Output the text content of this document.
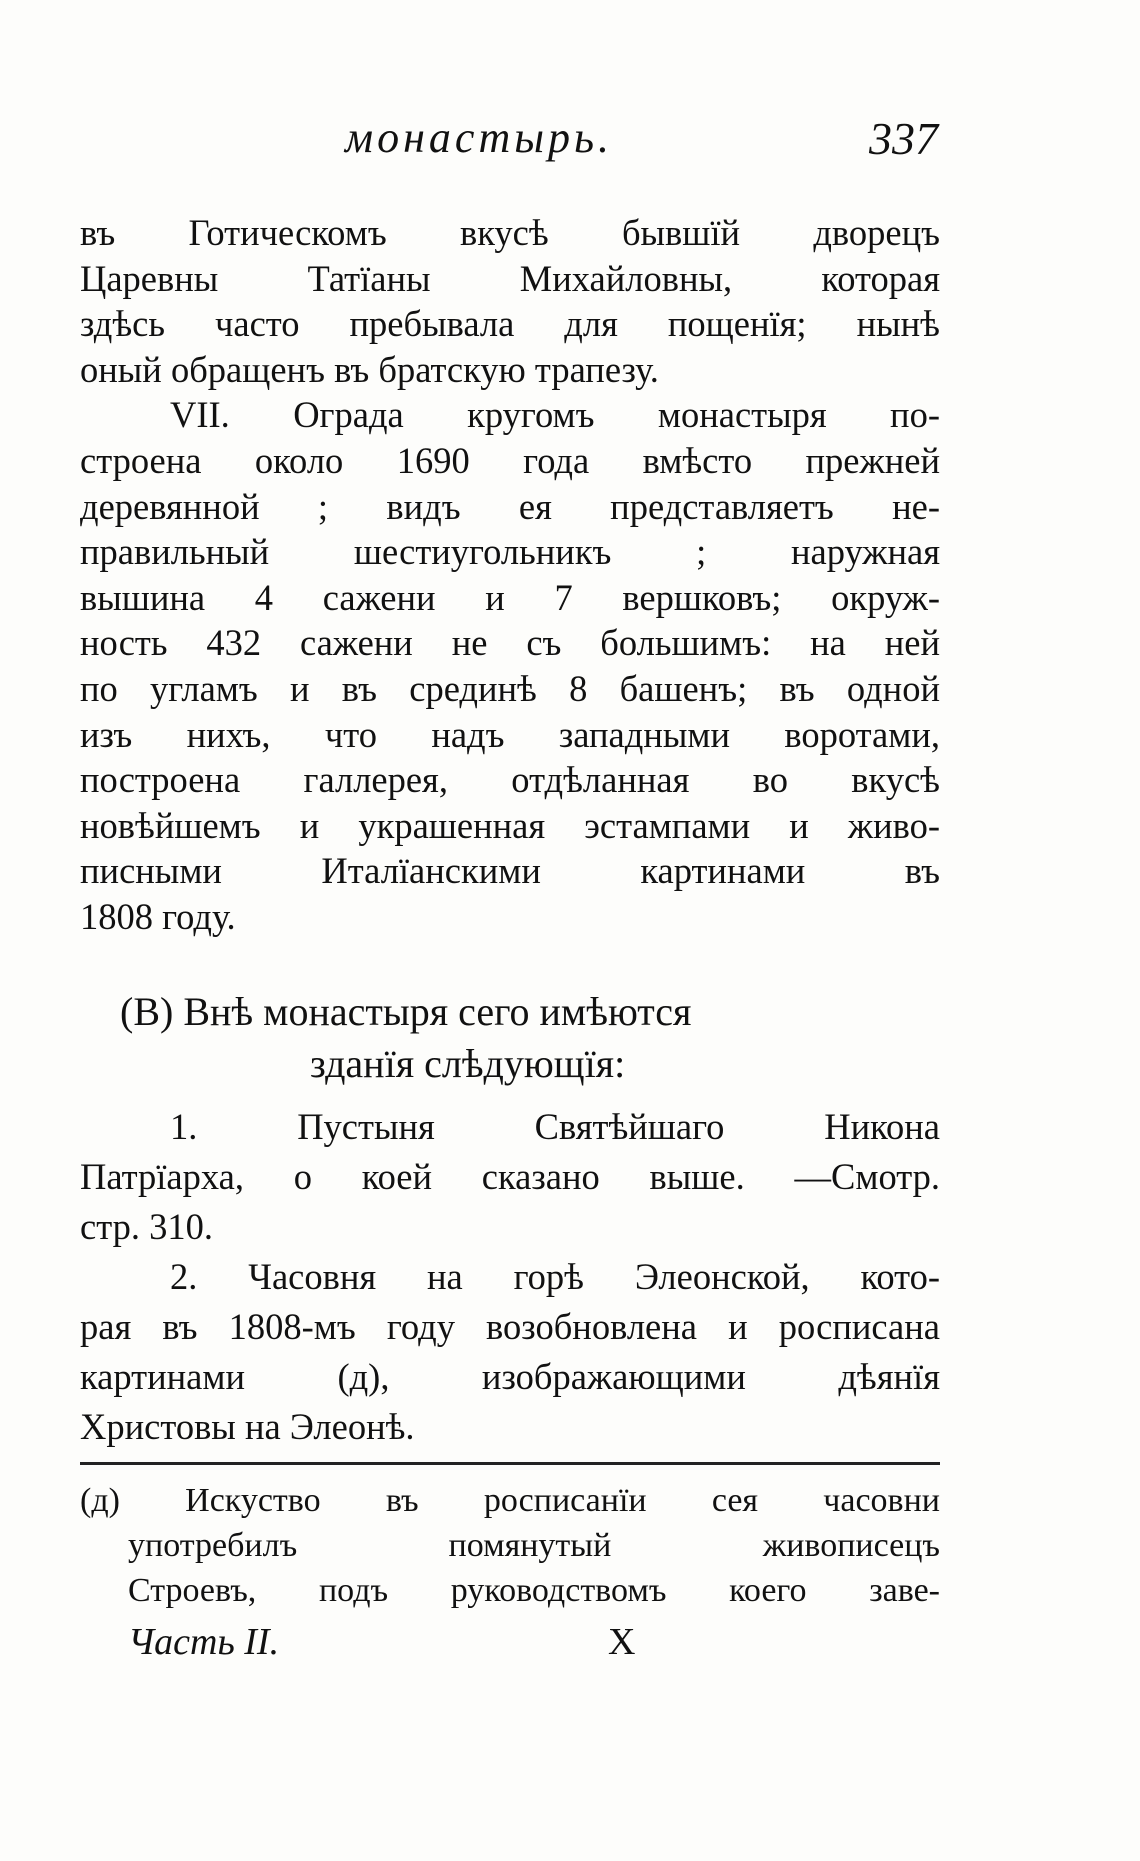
монастырь.	337
въ Готическомъ вкусѣ бывшїй дворецъ
Царевны Татїаны Михайловны, которая
здѣсь часто пребывала для пощенїя; нынѣ
оный обращенъ въ братскую трапезу.
VII. Ограда кругомъ монастыря по-
строена около 1690 года вмѣсто прежней
деревянной ; видъ ея представляетъ не-
правильный шестиугольникъ ; наружная
вышина 4 сажени и 7 вершковъ; окруж-
ность 432 сажени не съ большимъ: на ней
по угламъ и въ срединѣ 8 башенъ; въ одной
изъ нихъ, что надъ западными воротами,
построена галлерея, отдѣланная во вкусѣ
новѣйшемъ и украшенная эстампами и живо-
писными Италїанскими картинами въ
1808 году.
(В) Внѣ монастыря сего имѣются
зданїя слѣдующїя:
1. Пустыня Святѣйшаго Никона
Патрїарха, о коей сказано выше. —Смотр.
стр. 310.
2. Часовня на горѣ Элеонской, кото-
рая въ 1808-мъ году возобновлена и росписана
картинами (д), изображающими дѣянїя
Христовы на Элеонѣ.
(д) Искуство въ росписанїи сея часовни
употребилъ помянутый живописецъ
Строевъ, подъ руководствомъ коего заве-
Часть II.	X
